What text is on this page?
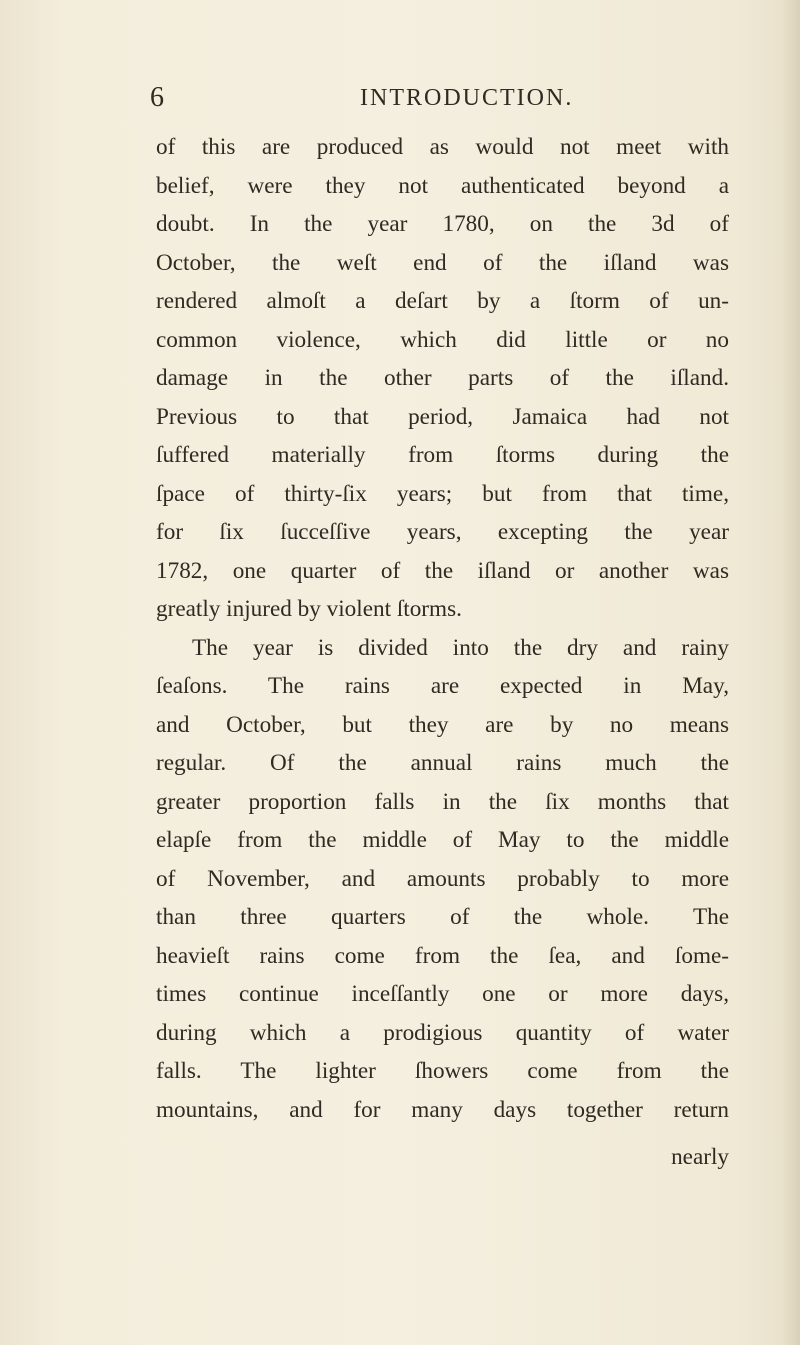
6	INTRODUCTION.
of this are produced as would not meet with
belief, were they not authenticated beyond a
doubt. In the year 1780, on the 3d of
October, the weſt end of the iſland was
rendered almoſt a deſart by a ſtorm of un-
common violence, which did little or no
damage in the other parts of the iſland.
Previous to that period, Jamaica had not
ſuffered materially from ſtorms during the
ſpace of thirty-ſix years; but from that time,
for ſix ſucceſſive years, excepting the year
1782, one quarter of the iſland or another was
greatly injured by violent ſtorms.
The year is divided into the dry and rainy
ſeaſons. The rains are expected in May,
and October, but they are by no means
regular. Of the annual rains much the
greater proportion falls in the ſix months that
elapſe from the middle of May to the middle
of November, and amounts probably to more
than three quarters of the whole. The
heavieſt rains come from the ſea, and ſome-
times continue inceſſantly one or more days,
during which a prodigious quantity of water
falls. The lighter ſhowers come from the
mountains, and for many days together return
nearly
